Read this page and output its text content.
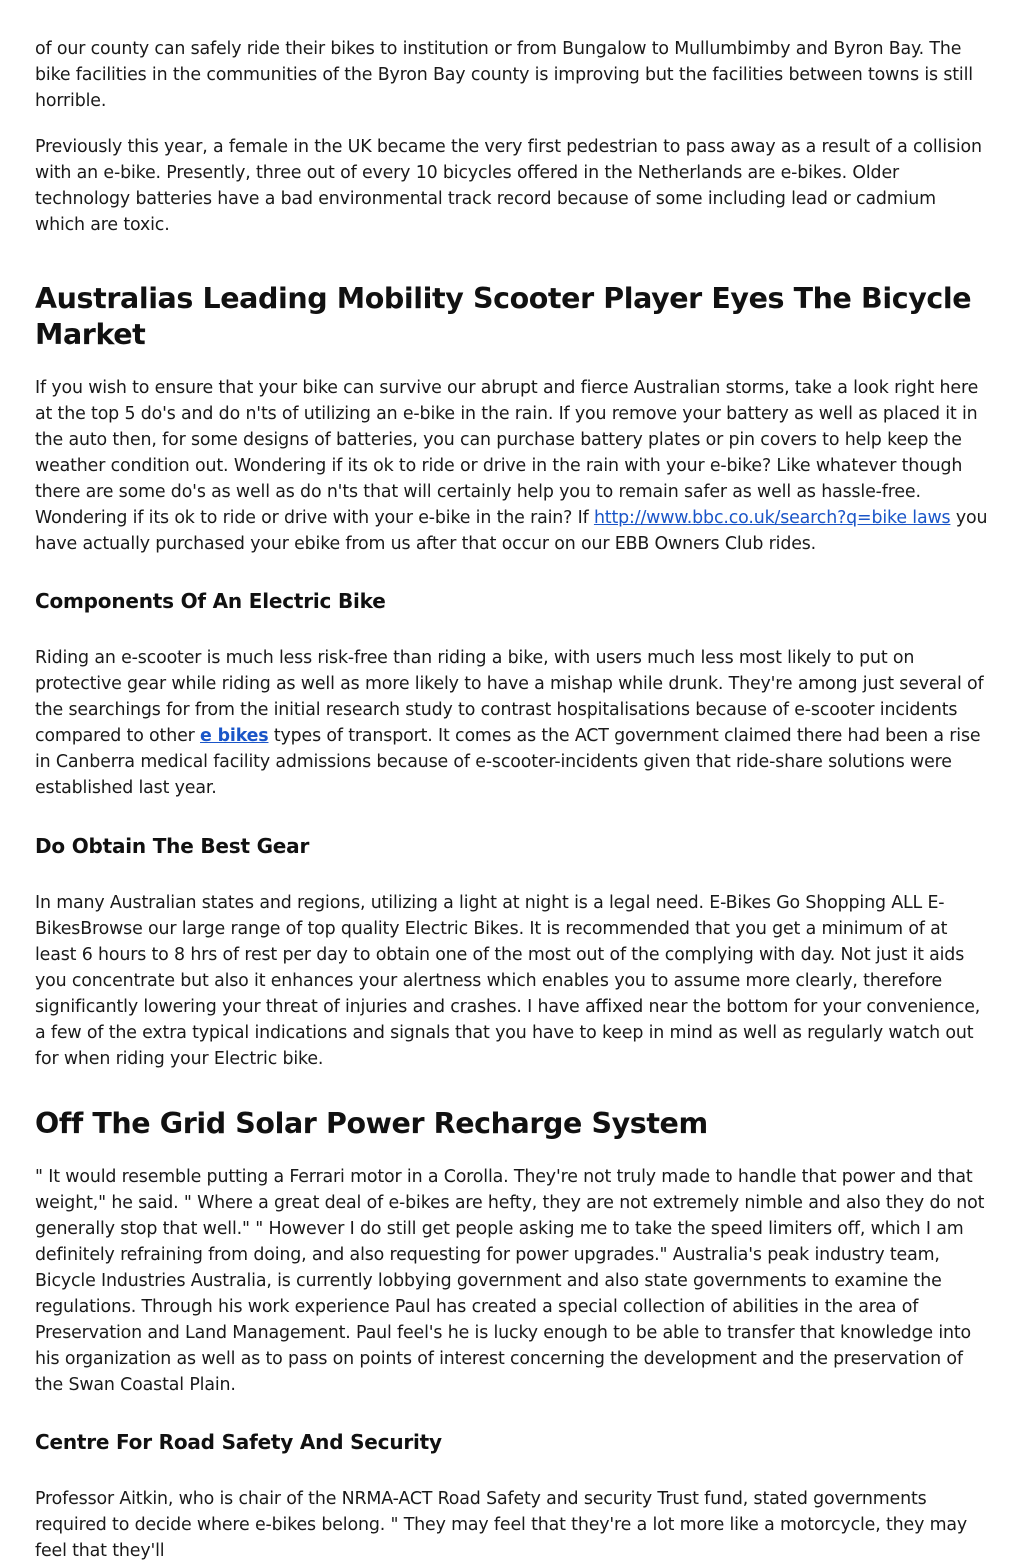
of our county can safely ride their bikes to institution or from Bungalow to Mullumbimby and Byron Bay. The bike facilities in the communities of the Byron Bay county is improving but the facilities between towns is still horrible.

Previously this year, a female in the UK became the very first pedestrian to pass away as a result of a collision with an e-bike. Presently, three out of every 10 bicycles offered in the Netherlands are e-bikes. Older technology batteries have a bad environmental track record because of some including lead or cadmium which are toxic.

Australias Leading Mobility Scooter Player Eyes The Bicycle Market

If you wish to ensure that your bike can survive our abrupt and fierce Australian storms, take a look right here at the top 5 do's and do n'ts of utilizing an e-bike in the rain. If you remove your battery as well as placed it in the auto then, for some designs of batteries, you can purchase battery plates or pin covers to help keep the weather condition out. Wondering if its ok to ride or drive in the rain with your e-bike? Like whatever though there are some do's as well as do n'ts that will certainly help you to remain safer as well as hassle-free. Wondering if its ok to ride or drive with your e-bike in the rain? If http://www.bbc.co.uk/search?q=bike laws you have actually purchased your ebike from us after that occur on our EBB Owners Club rides.

Components Of An Electric Bike

Riding an e-scooter is much less risk-free than riding a bike, with users much less most likely to put on protective gear while riding as well as more likely to have a mishap while drunk. They're among just several of the searchings for from the initial research study to contrast hospitalisations because of e-scooter incidents compared to other e bikes types of transport. It comes as the ACT government claimed there had been a rise in Canberra medical facility admissions because of e-scooter-incidents given that ride-share solutions were established last year.

Do Obtain The Best Gear

In many Australian states and regions, utilizing a light at night is a legal need. E-Bikes Go Shopping ALL E-BikesBrowse our large range of top quality Electric Bikes. It is recommended that you get a minimum of at least 6 hours to 8 hrs of rest per day to obtain one of the most out of the complying with day. Not just it aids you concentrate but also it enhances your alertness which enables you to assume more clearly, therefore significantly lowering your threat of injuries and crashes. I have affixed near the bottom for your convenience, a few of the extra typical indications and signals that you have to keep in mind as well as regularly watch out for when riding your Electric bike.

Off The Grid Solar Power Recharge System

" It would resemble putting a Ferrari motor in a Corolla. They're not truly made to handle that power and that weight," he said. " Where a great deal of e-bikes are hefty, they are not extremely nimble and also they do not generally stop that well." " However I do still get people asking me to take the speed limiters off, which I am definitely refraining from doing, and also requesting for power upgrades." Australia's peak industry team, Bicycle Industries Australia, is currently lobbying government and also state governments to examine the regulations. Through his work experience Paul has created a special collection of abilities in the area of Preservation and Land Management. Paul feel's he is lucky enough to be able to transfer that knowledge into his organization as well as to pass on points of interest concerning the development and the preservation of the Swan Coastal Plain.

Centre For Road Safety And Security

Professor Aitkin, who is chair of the NRMA-ACT Road Safety and security Trust fund, stated governments required to decide where e-bikes belong. " They may feel that they're a lot more like a motorcycle, they may feel that they'll
